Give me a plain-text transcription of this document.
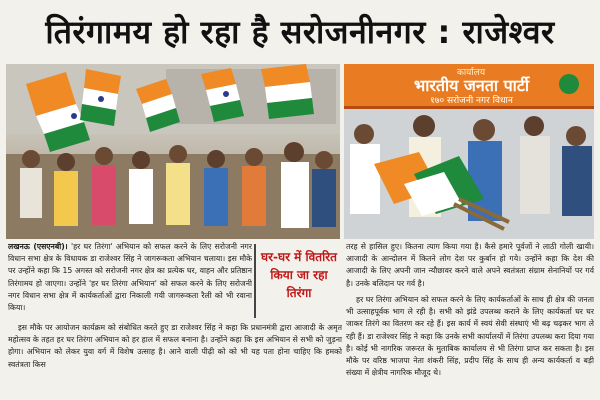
तिरंगामय हो रहा है सरोजनीनगर : राजेश्वर
कार्यालय
भारतीय जनता पार्टी
१७० सरोजनी नगर विधान

लखनऊ (एसएनबी)। 'हर घर तिरंगा' अभियान को सफल करने के लिए सरोजनी नगर विधान सभा क्षेत्र के विधायक डा राजेश्वर सिंह ने जागरूकता अभियान चलाया। इस मौके पर उन्होंने कहा कि 15 अगस्त को सरोजनी नगर क्षेत्र का प्रत्येक घर, वाहन और प्रतिष्ठान तिरंगामय हो जाएगा। उन्होंने 'हर घर तिरंगा अभियान' को सफल करने के लिए सरोजनी नगर विधान सभा क्षेत्र में कार्यकर्ताओं द्वारा निकाली गयी जागरूकता रैली को भी रवाना किया।

घर-घर में वितरित किया जा रहा तिरंगा

इस मौके पर आयोजन कार्यक्रम को संबोधित करते हुए डा राजेश्वर सिंह ने कहा कि प्रधानमंत्री द्वारा आजादी के अमृत महोत्सव के तहत हर घर तिरंगा अभियान को हर हाल में सफल बनाना है। उन्होंने कहा कि इस अभियान से सभी को जुड़ना होगा। अभियान को लेकर युवा वर्ग में विशेष उत्साह है। आने वाली पीढ़ी को को भी यह पता होना चाहिए कि हमको स्वतंत्रता किस

तरह से हासिल हुए। कितना त्याग किया गया है। कैसे हमारे पूर्वजों ने लाठी गोली खायी। आजादी के आन्दोलन में कितने लोग देश पर कुर्बान हो गये। उन्होंने कहा कि देश की आजादी के लिए अपनी जान न्यौछावर करने वाले अपने स्वतंत्रता संग्राम सेनानियों पर गर्व है। उनके बलिदान पर गर्व है।

हर घर तिरंगा अभियान को सफल करने के लिए कार्यकर्ताओं के साथ ही क्षेत्र की जनता भी उत्साहपूर्वक भाग ले रही है। सभी को झंडे उपलब्ध कराने के लिए कार्यकर्ता घर घर जाकर तिरंगे का वितरण कर रहे हैं। इस कार्य में स्वयं सेवी संस्थाएं भी बढ़ चढ़कर भाग ले रही हैं। डा राजेश्वर सिंह ने कहा कि उनके सभी कार्यालयों में तिरंगा उपलब्ध करा दिया गया है। कोई भी नागरिक जरूरत के मुताबिक कार्यालय से भी तिरंगा प्राप्त कर सकता है। इस मौके पर वरिष्ठ भाजपा नेता शंकरी सिंह, प्रदीप सिंह के साथ ही अन्य कार्यकर्ता व बड़ी संख्या में क्षेत्रीय नागरिक मौजूद थे।
